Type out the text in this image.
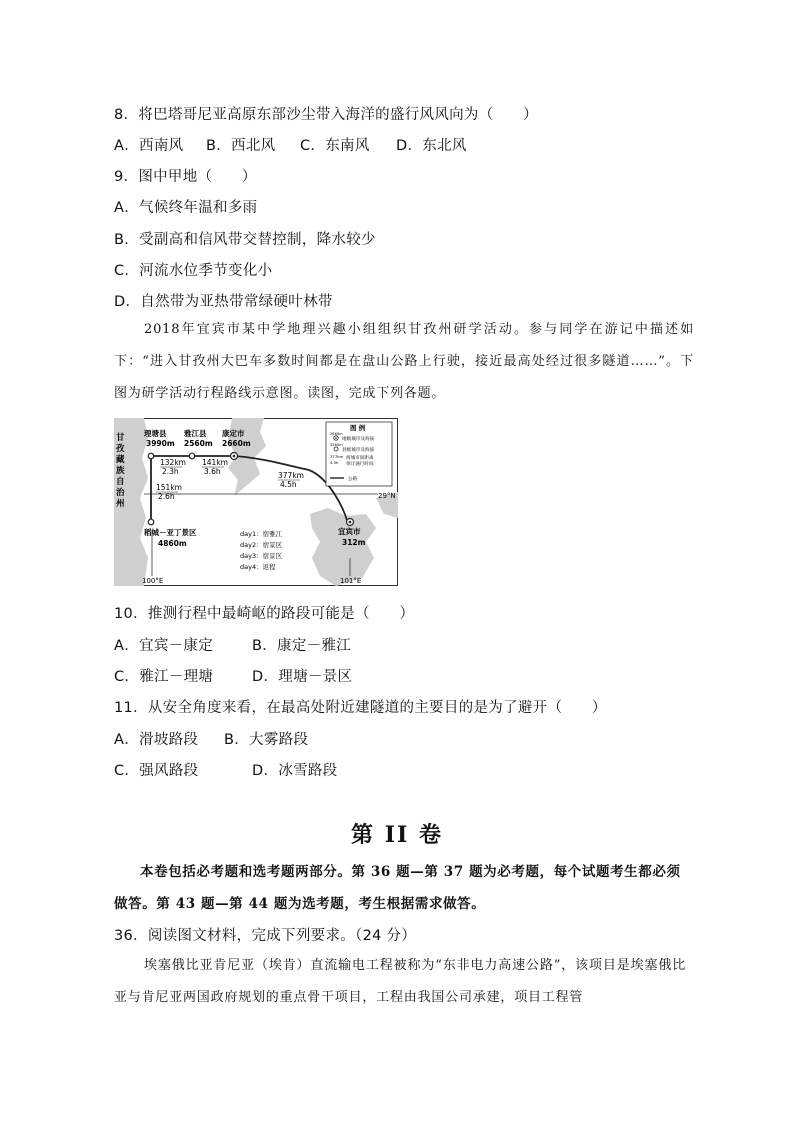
8．将巴塔哥尼亚高原东部沙尘带入海洋的盛行风风向为（　　）
A．西南风 B．西北风 C．东南风 D．东北风
9．图中甲地（　　）
A．气候终年温和多雨
B．受副高和信风带交替控制，降水较少
C．河流水位季节变化小
D．自然带为亚热带常绿硬叶林带
2018年宜宾市某中学地理兴趣小组组织甘孜州研学活动。参与同学在游记中描述如下：“进入甘孜州大巴车多数时间都是在盘山公路上行驶，接近最高处经过很多隧道……”。下图为研学活动行程路线示意图。读图，完成下列各题。
29°N
100°E	101°E
甘
孜
藏
族
自
治
州
理塘县
3990m
雅江县
2560m
康定市
2660m
宜宾市
312m
稻城－亚丁景区
4860m
132km
2.3h
141km
3.6h	377km
4.5h
151km
2.6h
day1：宿雅江
day2：宿景区
day3：宿景区
day4：返程
图 例
2660m
地级城市及海拔
2560m
县级城市及海拔
377km
4.5h
两城市间距离
预计通行时间
公路
10．推测行程中最崎岖的路段可能是（　　）
A．宜宾－康定	B．康定－雅江
C．雅江－理塘	D．理塘－景区
11．从安全角度来看，在最高处附近建隧道的主要目的是为了避开（　　）
A．滑坡路段 B．大雾路段
C．强风路段	D．冰雪路段
第 II 卷
本卷包括必考题和选考题两部分。第 36 题—第 37 题为必考题，每个试题考生都必须做答。第 43 题—第 44 题为选考题，考生根据需求做答。
36．阅读图文材料，完成下列要求。（24 分）
埃塞俄比亚肯尼亚（埃肯）直流输电工程被称为“东非电力高速公路”，该项目是埃塞俄比亚与肯尼亚两国政府规划的重点骨干项目，工程由我国公司承建，项目工程管
